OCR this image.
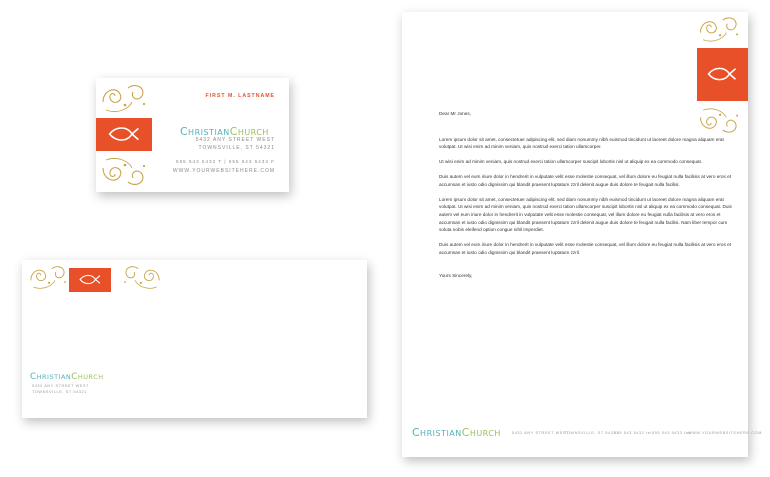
FIRST M. LASTNAME
CHRISTIANCHURCH
5432 ANY STREET WEST
TOWNSVILLE, ST 54321
555 543 5432 T | 555 543 5433 F
WWW.YOURWEBSITEHERE.COM
CHRISTIANCHURCH
5432 ANY STREET WEST
TOWNSVILLE, ST 54321

Dear Mr Jones,

Lorem ipsum dolor sit amet, consectetuer adipiscing elit, sed diam nonummy nibh euismod tincidunt ut laoreet dolore magna aliquam erat volutpat. Ut wisi enim ad minim veniam, quis nostrud exerci tation ullamcorper.

Ut wisi enim ad minim veniam, quis nostrud exerci tation ullamcorper suscipit lobortis nisl ut aliquip ex ea commodo consequat.

Duis autem vel eum iriure dolor in hendrerit in vulputate velit esse molestie consequat, vel illum dolore eu feugiat nulla facilisis at vero eros et accumsan et iusto odio dignissim qui blandit praesent luptatum zzril delenit augue duis dolore te feugait nulla facilisi.

Lorem ipsum dolor sit amet, consectetuer adipiscing elit, sed diam nonummy nibh euismod tincidunt ut laoreet dolore magna aliquam erat volutpat. Ut wisi enim ad minim veniam, quis nostrud exerci tation ullamcorper suscipit lobortis nisl ut aliquip ex ea commodo consequat. Duis autem vel eum iriure dolor in hendrerit in vulputate velit esse molestie consequat, vel illum dolore eu feugiat nulla facilisis at vero eros et accumsan et iusto odio dignissim qui blandit praesent luptatum zzril delenit augue duis dolore te feugait nulla facilisi. Nam liber tempor cum soluta nobis eleifend option congue nihil imperdiet.

Duis autem vel eum iriure dolor in hendrerit in vulputate velit esse molestie consequat, vel illum dolore eu feugiat nulla facilisis at vero eros et accumsan et iusto odio dignissim qui blandit praesent luptatum zzril.

Yours Sincerely,

CHRISTIANCHURCH	5432 ANY STREET WEST
TOWNSVILLE, ST 54321
555 543 5432 tel 555 543 5433 fax
WWW.YOURWEBSITEHERE.COM
